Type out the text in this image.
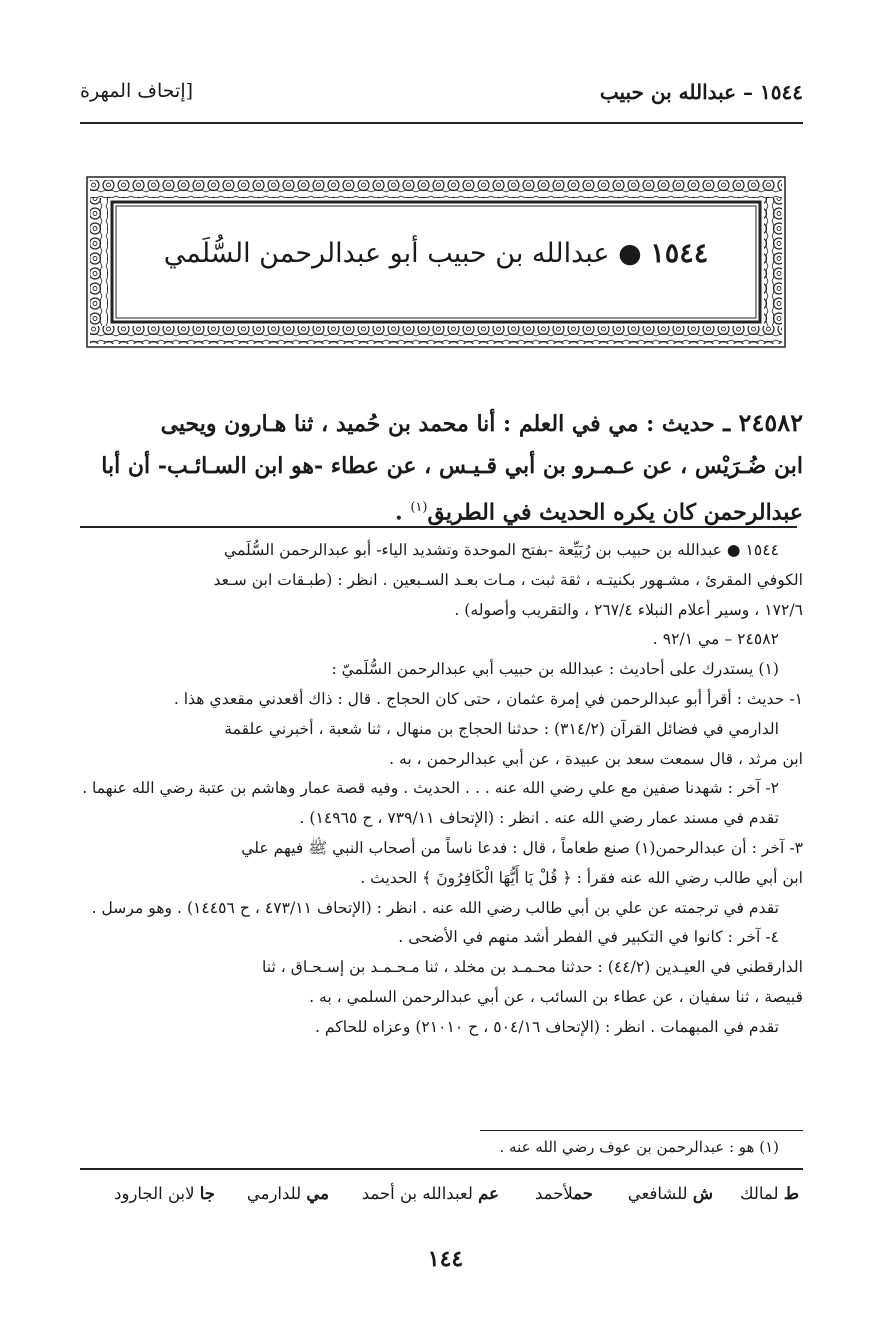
١٥٤٤ – عبدالله بن حبيب
[إتحاف المهرة
١٥٤٤ ● عبدالله بن حبيب أبو عبدالرحمن السُّلَمي
٢٤٥٨٢ ـ حديث : مي في العلم : أنا محمد بن حُميد ، ثنا هـارون ويحيى
ابن ضُـرَيْس ، عن عـمـرو بن أبي قـيـس ، عن عطاء -هو ابن السـائـب- أن أبا
عبدالرحمن كان يكره الحديث في الطريق$^{(١)}$ .
١٥٤٤ ● عبدالله بن حبيب بن رُبَيِّعة -بفتح الموحدة وتشديد الياء- أبو عبدالرحمن السُّلَمي
الكوفي المقرئ ، مشـهور بكنيتـه ، ثقة ثبت ، مـات بعـد السـبعين . انظر : (طبـقات ابن سـعد
١٧٢/٦ ، وسير أعلام النبلاء ٢٦٧/٤ ، والتقريب وأصوله) .
٢٤٥٨٢ – مي ٩٢/١ .
(١) يستدرك على أحاديث : عبدالله بن حبيب أبي عبدالرحمن السُّلَميّ :
١- حديث : أقرأ أبو عبدالرحمن في إمرة عثمان ، حتى كان الحجاج . قال : ذاك أقعدني مقعدي هذا .
الدارمي في فضائل القرآن (٣١٤/٢) : حدثنا الحجاج بن منهال ، ثنا شعبة ، أخبرني علقمة
ابن مرثد ، قال سمعت سعد بن عبيدة ، عن أبي عبدالرحمن ، به .
٢- آخر : شهدنا صفين مع علي رضي الله عنه . . . الحديث . وفيه قصة عمار وهاشم بن عتبة رضي الله عنهما .
تقدم في مسند عمار رضي الله عنه . انظر : (الإتحاف ٧٣٩/١١ ، ح ١٤٩٦٥) .
٣- آخر : أن عبدالرحمن(١) صنع طعاماً ، قال : فدعا ناساً من أصحاب النبي ﷺ فيهم علي
ابن أبي طالب رضي الله عنه فقرأ : ﴿ قُلْ يَا أَيُّهَا الْكَافِرُونَ ﴾ الحديث .
تقدم في ترجمته عن علي بن أبي طالب رضي الله عنه . انظر : (الإتحاف ٤٧٣/١١ ، ح ١٤٤٥٦) . وهو مرسل .
٤- آخر : كانوا في التكبير في الفطر أشد منهم في الأضحى .
الدارقطني في العيـدين (٤٤/٢) : حدثنا محـمـد بن مخلد ، ثنا مـحـمـد بن إسـحـاق ، ثنا
قبيصة ، ثنا سفيان ، عن عطاء بن السائب ، عن أبي عبدالرحمن السلمي ، به .
تقدم في المبهمات . انظر : (الإتحاف ٥٠٤/١٦ ، ح ٢١٠١٠) وعزاه للحاكم .
(١) هو : عبدالرحمن بن عوف رضي الله عنه .
ط لمالك
ش للشافعي
حملأحمد
عم لعبدالله بن أحمد
مي للدارمي
جا لابن الجارود
١٤٤
